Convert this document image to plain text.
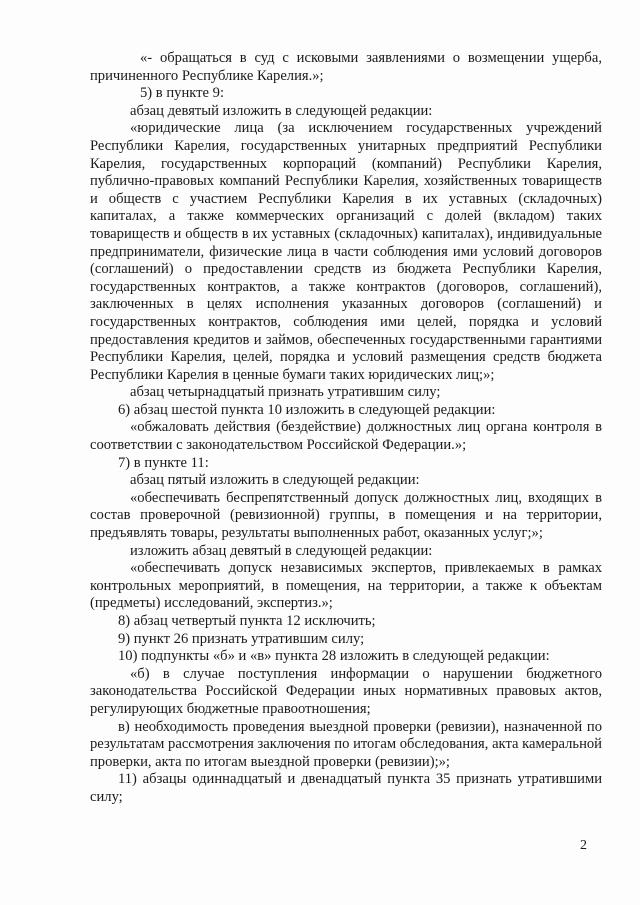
«- обращаться в суд с исковыми заявлениями о возмещении ущерба, причиненного Республике Карелия.»;

5) в пункте 9:

абзац девятый изложить в следующей редакции:

«юридические лица (за исключением государственных учреждений Республики Карелия, государственных унитарных предприятий Республики Карелия, государственных корпораций (компаний) Республики Карелия, публично-правовых компаний Республики Карелия, хозяйственных товариществ и обществ с участием Республики Карелия в их уставных (складочных) капиталах, а также коммерческих организаций с долей (вкладом) таких товариществ и обществ в их уставных (складочных) капиталах), индивидуальные предприниматели, физические лица в части соблюдения ими условий договоров (соглашений) о предоставлении средств из бюджета Республики Карелия, государственных контрактов, а также контрактов (договоров, соглашений), заключенных в целях исполнения указанных договоров (соглашений) и государственных контрактов, соблюдения ими целей, порядка и условий предоставления кредитов и займов, обеспеченных государственными гарантиями Республики Карелия, целей, порядка и условий размещения средств бюджета Республики Карелия в ценные бумаги таких юридических лиц;»;

абзац четырнадцатый признать утратившим силу;

6) абзац шестой пункта 10 изложить в следующей редакции:

«обжаловать действия (бездействие) должностных лиц органа контроля в соответствии с законодательством Российской Федерации.»;

7) в пункте 11:

абзац пятый изложить в следующей редакции:

«обеспечивать беспрепятственный допуск должностных лиц, входящих в состав проверочной (ревизионной) группы, в помещения и на территории, предъявлять товары, результаты выполненных работ, оказанных услуг;»;

изложить абзац девятый в следующей редакции:

«обеспечивать допуск независимых экспертов, привлекаемых в рамках контрольных мероприятий, в помещения, на территории, а также к объектам (предметы) исследований, экспертиз.»;

8) абзац четвертый пункта 12 исключить;

9) пункт 26 признать утратившим силу;

10) подпункты «б» и «в» пункта 28 изложить в следующей редакции:

«б) в случае поступления информации о нарушении бюджетного законодательства Российской Федерации иных нормативных правовых актов, регулирующих бюджетные правоотношения;

в) необходимость проведения выездной проверки (ревизии), назначенной по результатам рассмотрения заключения по итогам обследования, акта камеральной проверки, акта по итогам выездной проверки (ревизии);»;

11) абзацы одиннадцатый и двенадцатый пункта 35 признать утратившими силу;

2
